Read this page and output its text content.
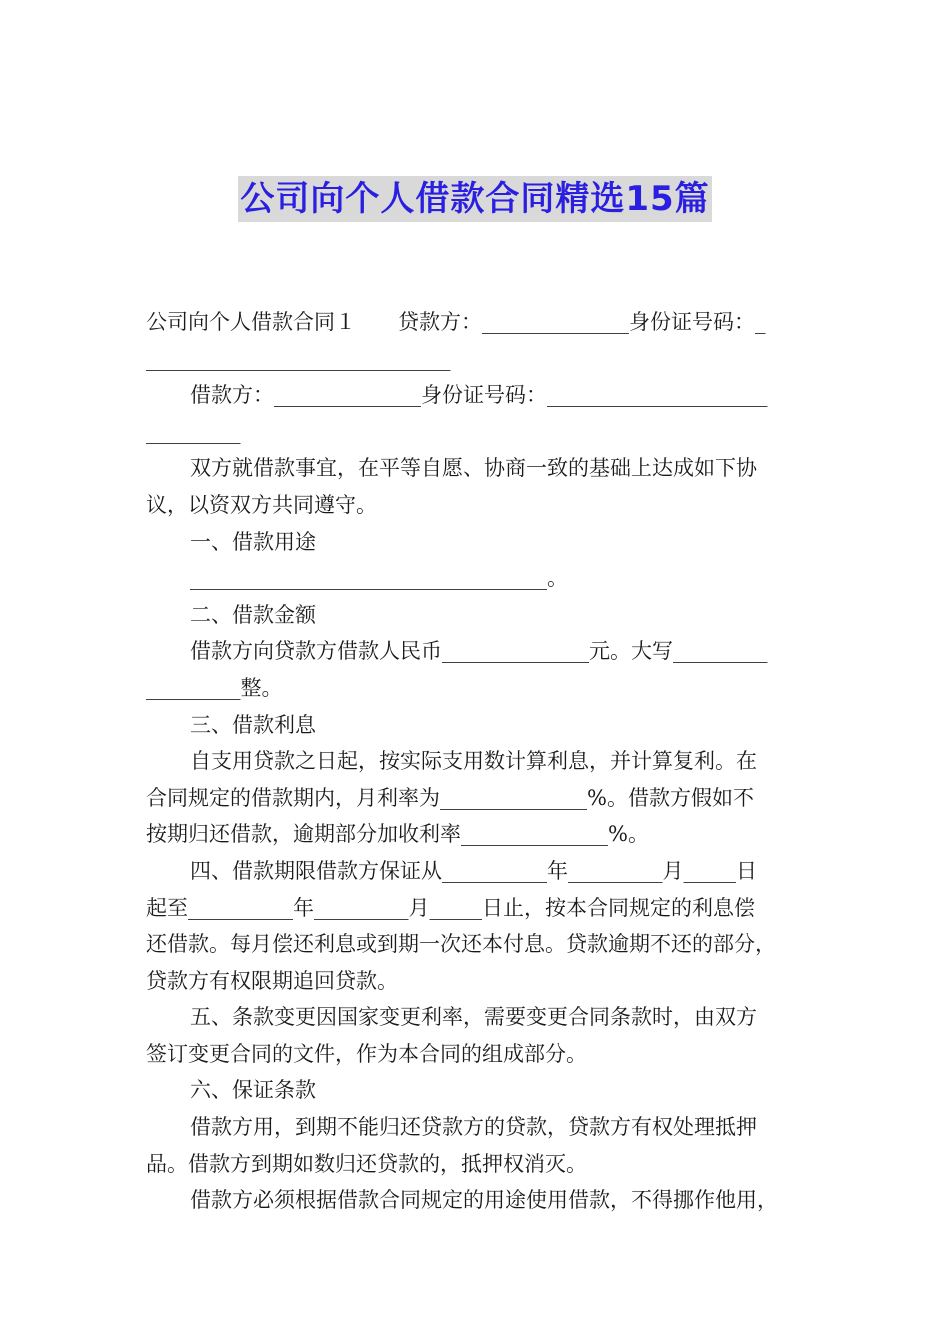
公司向个人借款合同精选15篇
公司向个人借款合同１　　贷款方：______________身份证号码：_
_____________________________
借款方：______________身份证号码：_____________________
_________
双方就借款事宜，在平等自愿、协商一致的基础上达成如下协
议，以资双方共同遵守。
一、借款用途
__________________________________。
二、借款金额
借款方向贷款方借款人民币______________元。大写_________
_________整。
三、借款利息
自支用贷款之日起，按实际支用数计算利息，并计算复利。在
合同规定的借款期内，月利率为______________%。借款方假如不
按期归还借款，逾期部分加收利率______________%。
四、借款期限借款方保证从__________年_________月_____日
起至__________年_________月_____日止，按本合同规定的利息偿
还借款。每月偿还利息或到期一次还本付息。贷款逾期不还的部分，
贷款方有权限期追回贷款。
五、条款变更因国家变更利率，需要变更合同条款时，由双方
签订变更合同的文件，作为本合同的组成部分。
六、保证条款
借款方用，到期不能归还贷款方的贷款，贷款方有权处理抵押
品。借款方到期如数归还贷款的，抵押权消灭。
借款方必须根据借款合同规定的用途使用借款，不得挪作他用，
